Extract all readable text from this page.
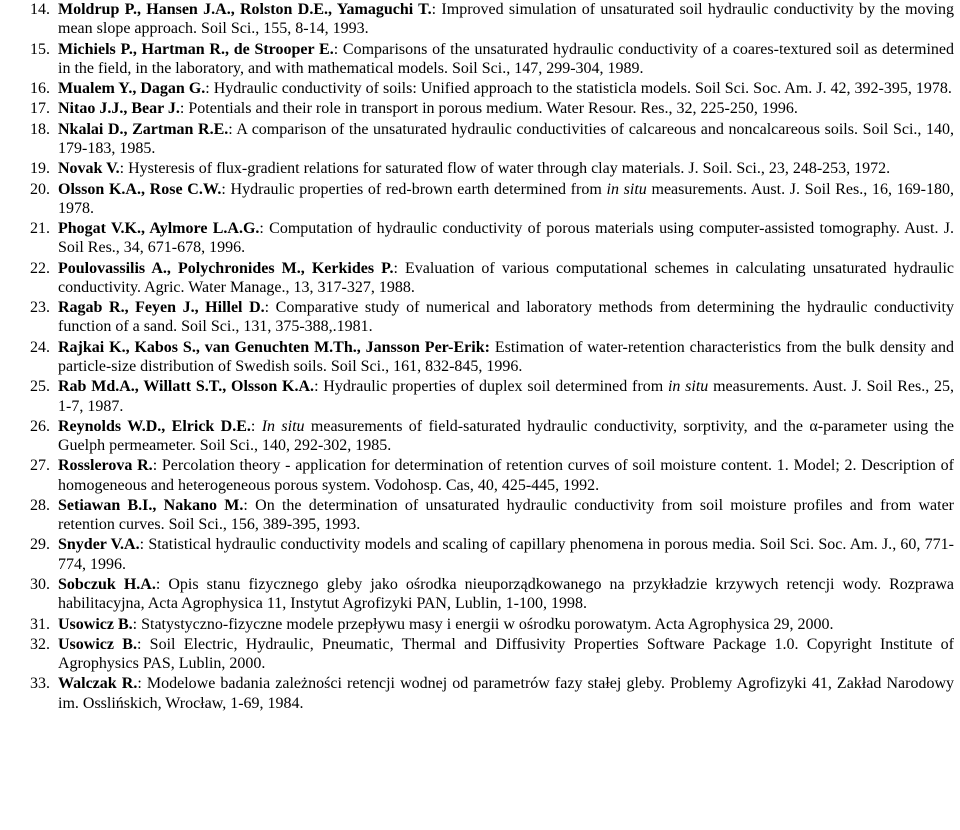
14. Moldrup P., Hansen J.A., Rolston D.E., Yamaguchi T.: Improved simulation of unsaturated soil hydraulic conductivity by the moving mean slope approach. Soil Sci., 155, 8-14, 1993.

15. Michiels P., Hartman R., de Strooper E.: Comparisons of the unsaturated hydraulic conductivity of a coares-textured soil as determined in the field, in the laboratory, and with mathematical models. Soil Sci., 147, 299-304, 1989.

16. Mualem Y., Dagan G.: Hydraulic conductivity of soils: Unified approach to the statisticla models. Soil Sci. Soc. Am. J. 42, 392-395, 1978.

17. Nitao J.J., Bear J.: Potentials and their role in transport in porous medium. Water Resour. Res., 32, 225-250, 1996.

18. Nkalai D., Zartman R.E.: A comparison of the unsaturated hydraulic conductivities of calcareous and noncalcareous soils. Soil Sci., 140, 179-183, 1985.

19. Novak V.: Hysteresis of flux-gradient relations for saturated flow of water through clay materials. J. Soil. Sci., 23, 248-253, 1972.

20. Olsson K.A., Rose C.W.: Hydraulic properties of red-brown earth determined from in situ measurements. Aust. J. Soil Res., 16, 169-180, 1978.

21. Phogat V.K., Aylmore L.A.G.: Computation of hydraulic conductivity of porous materials using computer-assisted tomography. Aust. J. Soil Res., 34, 671-678, 1996.

22. Poulovassilis A., Polychronides M., Kerkides P.: Evaluation of various computational schemes in calculating unsaturated hydraulic conductivity. Agric. Water Manage., 13, 317-327, 1988.

23. Ragab R., Feyen J., Hillel D.: Comparative study of numerical and laboratory methods from determining the hydraulic conductivity function of a sand. Soil Sci., 131, 375-388,.1981.

24. Rajkai K., Kabos S., van Genuchten M.Th., Jansson Per-Erik: Estimation of water-retention characteristics from the bulk density and particle-size distribution of Swedish soils. Soil Sci., 161, 832-845, 1996.

25. Rab Md.A., Willatt S.T., Olsson K.A.: Hydraulic properties of duplex soil determined from in situ measurements. Aust. J. Soil Res., 25, 1-7, 1987.

26. Reynolds W.D., Elrick D.E.: In situ measurements of field-saturated hydraulic conductivity, sorptivity, and the α-parameter using the Guelph permeameter. Soil Sci., 140, 292-302, 1985.

27. Rosslerova R.: Percolation theory - application for determination of retention curves of soil moisture content. 1. Model; 2. Description of homogeneous and heterogeneous porous system. Vodohosp. Cas, 40, 425-445, 1992.

28. Setiawan B.I., Nakano M.: On the determination of unsaturated hydraulic conductivity from soil moisture profiles and from water retention curves. Soil Sci., 156, 389-395, 1993.

29. Snyder V.A.: Statistical hydraulic conductivity models and scaling of capillary phenomena in porous media. Soil Sci. Soc. Am. J., 60, 771-774, 1996.

30. Sobczuk H.A.: Opis stanu fizycznego gleby jako ośrodka nieuporządkowanego na przykładzie krzywych retencji wody. Rozprawa habilitacyjna, Acta Agrophysica 11, Instytut Agrofizyki PAN, Lublin, 1-100, 1998.

31. Usowicz B.: Statystyczno-fizyczne modele przepływu masy i energii w ośrodku porowatym. Acta Agrophysica 29, 2000.

32. Usowicz B.: Soil Electric, Hydraulic, Pneumatic, Thermal and Diffusivity Properties Software Package 1.0. Copyright Institute of Agrophysics PAS, Lublin, 2000.

33. Walczak R.: Modelowe badania zależności retencji wodnej od parametrów fazy stałej gleby. Problemy Agrofizyki 41, Zakład Narodowy im. Osslińskich, Wrocław, 1-69, 1984.
